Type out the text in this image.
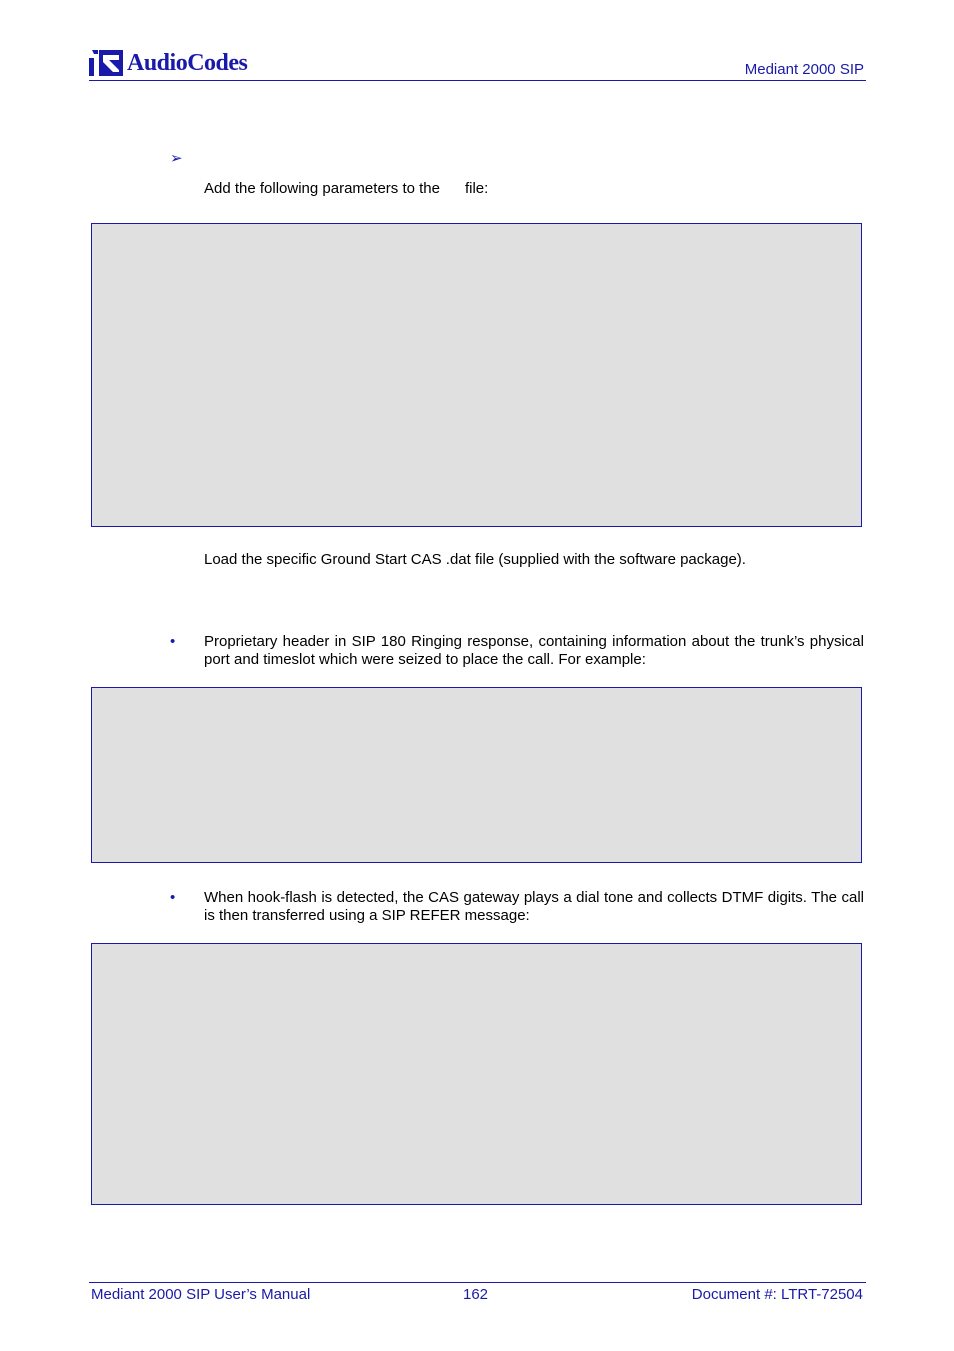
AudioCodes	Mediant 2000 SIP
➢
Add the following parameters to the      file:
Load the specific Ground Start CAS .dat file (supplied with the software package).
• Proprietary header in SIP 180 Ringing response, containing information about the trunk’s physical port and timeslot which were seized to place the call. For example:
• When hook-flash is detected, the CAS gateway plays a dial tone and collects DTMF digits. The call is then transferred using a SIP REFER message:
Mediant 2000 SIP User’s Manual	162	Document #: LTRT-72504
